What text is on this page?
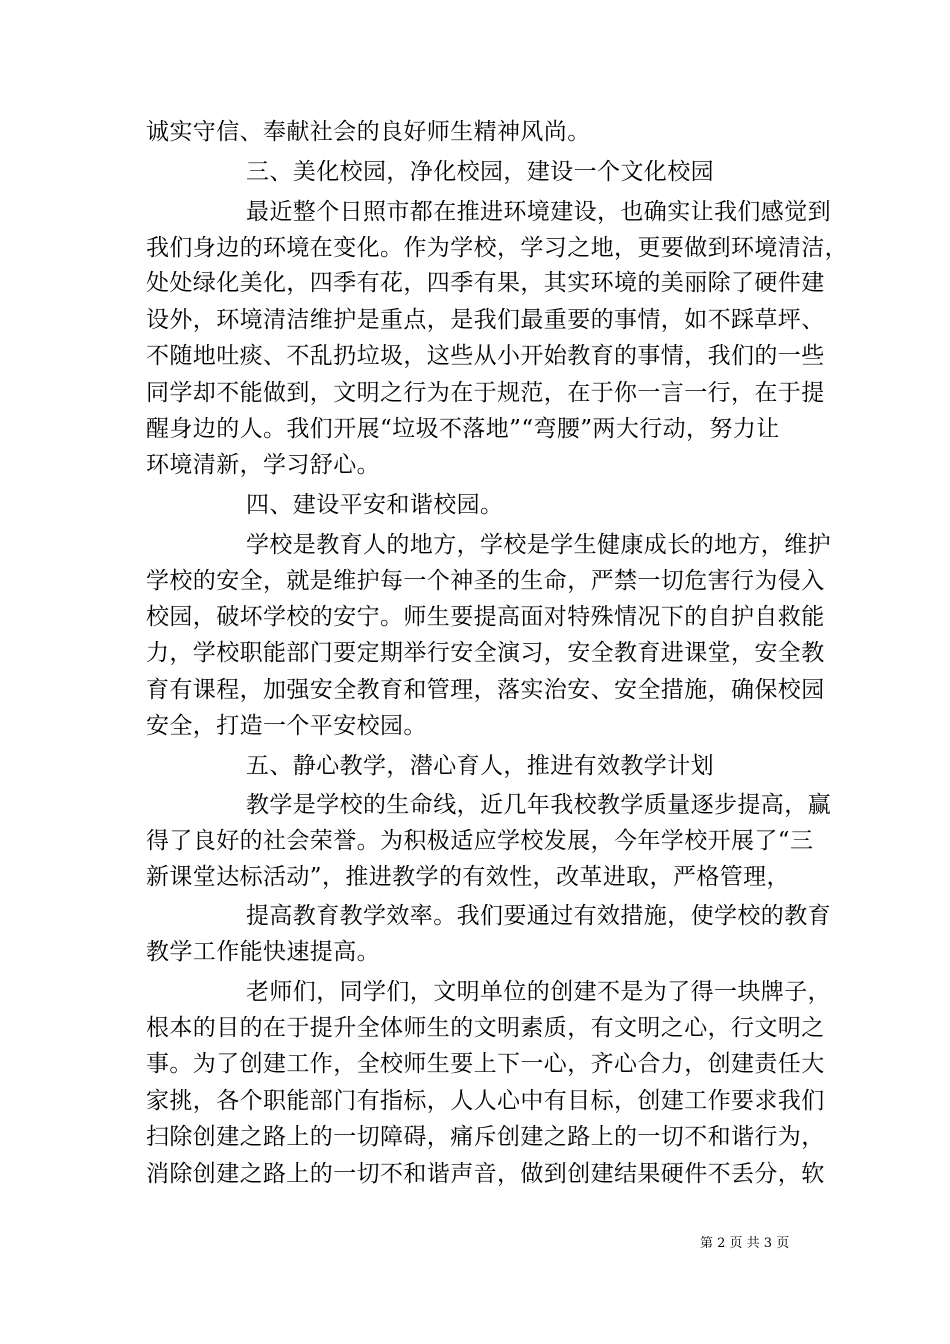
诚实守信、奉献社会的良好师生精神风尚。
三、美化校园，净化校园，建设一个文化校园
最近整个日照市都在推进环境建设，也确实让我们感觉到
我们身边的环境在变化。作为学校，学习之地，更要做到环境清洁，
处处绿化美化，四季有花，四季有果，其实环境的美丽除了硬件建
设外，环境清洁维护是重点，是我们最重要的事情，如不踩草坪、
不随地吐痰、不乱扔垃圾，这些从小开始教育的事情，我们的一些
同学却不能做到，文明之行为在于规范，在于你一言一行，在于提
醒身边的人。我们开展“垃圾不落地”“弯腰”两大行动，努力让
环境清新，学习舒心。
四、建设平安和谐校园。
学校是教育人的地方，学校是学生健康成长的地方，维护
学校的安全，就是维护每一个神圣的生命，严禁一切危害行为侵入
校园，破坏学校的安宁。师生要提高面对特殊情况下的自护自救能
力，学校职能部门要定期举行安全演习，安全教育进课堂，安全教
育有课程，加强安全教育和管理，落实治安、安全措施，确保校园
安全，打造一个平安校园。
五、静心教学，潜心育人，推进有效教学计划
教学是学校的生命线，近几年我校教学质量逐步提高，赢
得了良好的社会荣誉。为积极适应学校发展，今年学校开展了“三
新课堂达标活动”，推进教学的有效性，改革进取，严格管理，
提高教育教学效率。我们要通过有效措施，使学校的教育
教学工作能快速提高。
老师们，同学们，文明单位的创建不是为了得一块牌子，
根本的目的在于提升全体师生的文明素质，有文明之心，行文明之
事。为了创建工作，全校师生要上下一心，齐心合力，创建责任大
家挑，各个职能部门有指标，人人心中有目标，创建工作要求我们
扫除创建之路上的一切障碍，痛斥创建之路上的一切不和谐行为，
消除创建之路上的一切不和谐声音，做到创建结果硬件不丢分，软
第 2 页 共 3 页
